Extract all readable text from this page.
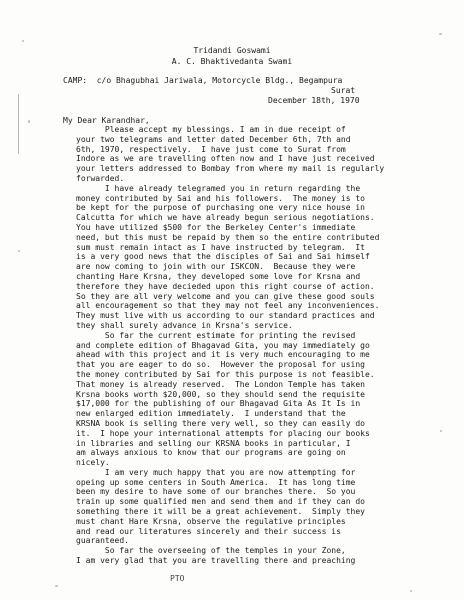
Tridandi Goswami
A. C. Bhaktivedanta Swami
CAMP:  c/o Bhagubhai Jariwala, Motorcycle Bldg., Begampura
Surat
December 18th, 1970
My Dear Karandhar,
Please accept my blessings. I am in due receipt of
your two telegrams and letter dated December 6th, 7th and
6th, 1970, respectively.  I have just come to Surat from
Indore as we are travelling often now and I have just received
your letters addressed to Bombay from where my mail is regularly
forwarded.
I have already telegramed you in return regarding the
money contributed by Sai and his followers.  The money is to
be kept for the purpose of purchasing one very nice house in
Calcutta for which we have already begun serious negotiations.
You have utilized $500 for the Berkeley Center's immediate
need, but this must be repaid by them so the entire contributed
sum must remain intact as I have instructed by telegram.  It
is a very good news that the disciples of Sai and Sai himself
are now coming to join with our ISKCON.  Because they were
chanting Hare Krsna, they developed some love for Krsna and
therefore they have decieded upon this right course of action.
So they are all very welcome and you can give these good souls
all encouragement so that they may not feel any inconveniences.
They must live with us according to our standard practices and
they shall surely advance in Krsna's service.
So far the current estimate for printing the revised
and complete edition of Bhagavad Gita, you may immediately go
ahead with this project and it is very much encouraging to me
that you are eager to do so.  However the proposal for using
the money contributed by Sai for this purpose is not feasible.
That money is already reserved.  The London Temple has taken
Krsna books worth $20,000, so they should send the requisite
$17,000 for the publishing of our Bhagavad Gita As It Is in
new enlarged edition immediately.  I understand that the
KRSNA book is selling there very well, so they can easily do
it.  I hope your international attempts for placing our books
in libraries and selling our KRSNA books in particular, I
am always anxious to know that our programs are going on
nicely.
I am very much happy that you are now attempting for
opeing up some centers in South America.  It has long time
been my desire to have some of our branches there.  So you
train up some qualified men and send them and if they can do
something there it will be a great achievement.  Simply they
must chant Hare Krsna, observe the regulative principles
and read our literatures sincerely and their success is
guaranteed.
So far the overseeing of the temples in your Zone,
I am very glad that you are travelling there and preaching
PTO
